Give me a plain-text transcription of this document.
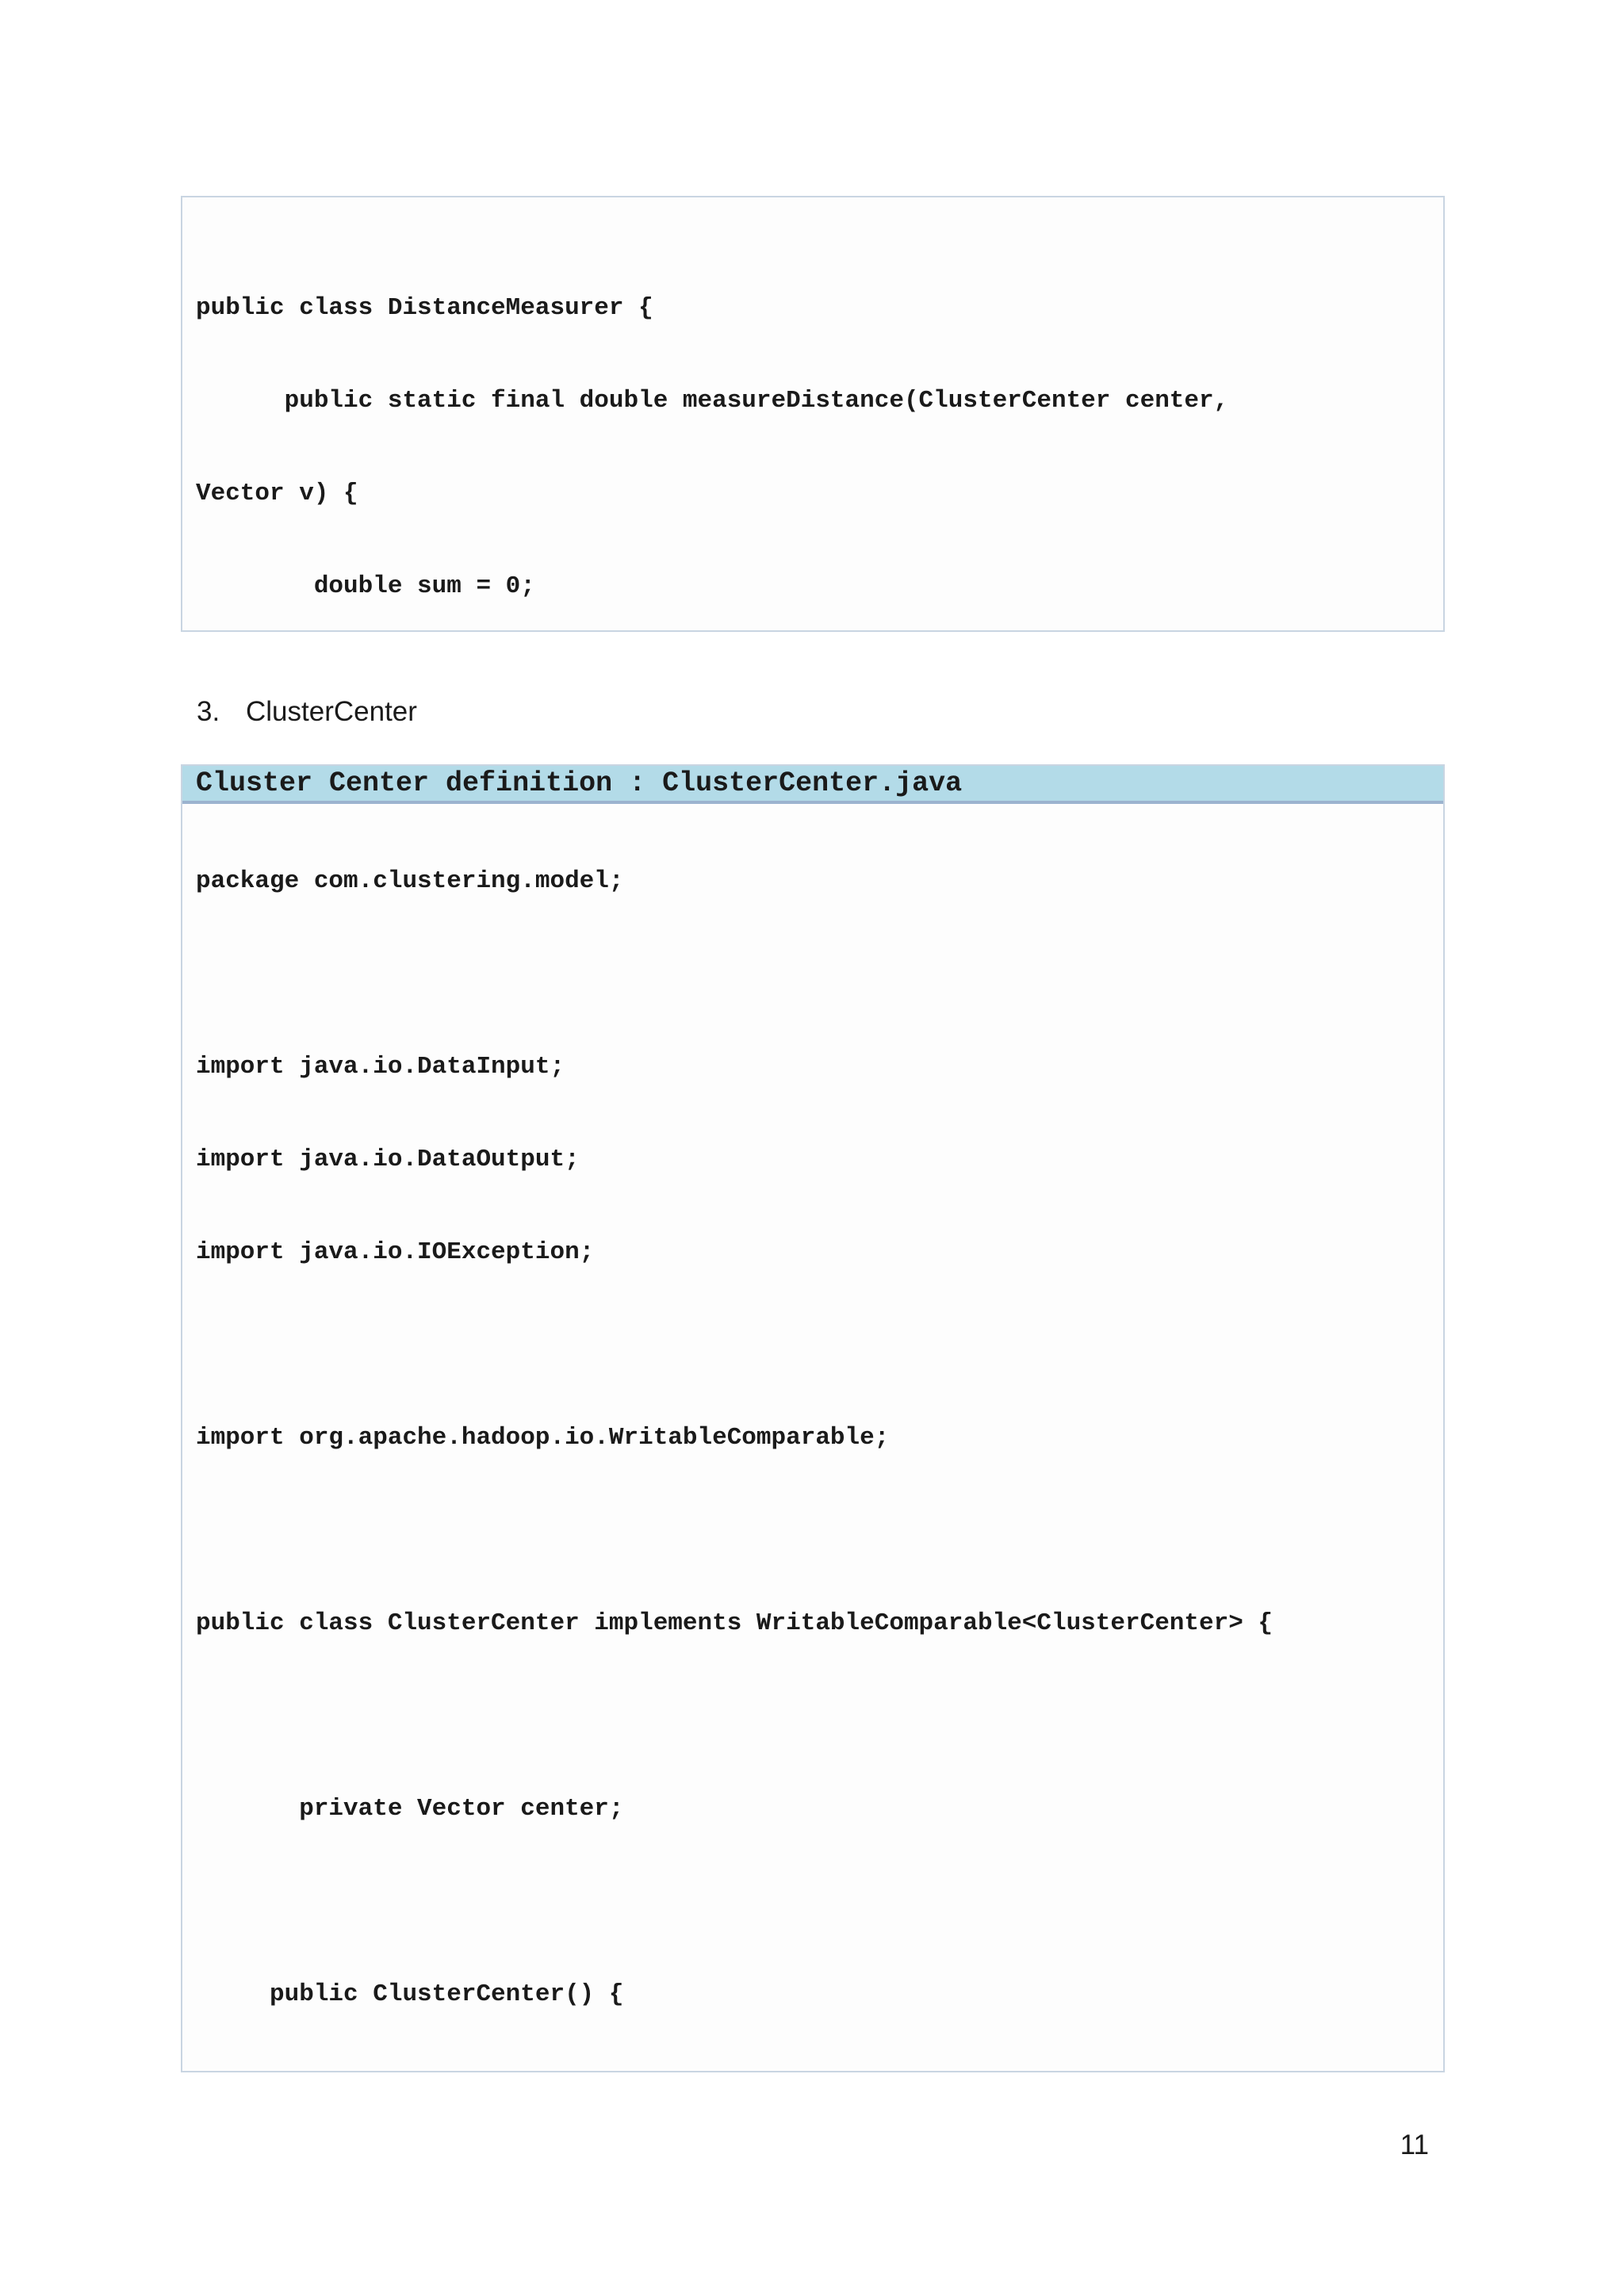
public class DistanceMeasurer {

public static final double measureDistance(ClusterCenter center,

Vector v) {

double sum = 0;

3. ClusterCenter
Cluster Center definition : ClusterCenter.java

package com.clustering.model;

import java.io.DataInput;

import java.io.DataOutput;

import java.io.IOException;

import org.apache.hadoop.io.WritableComparable;

public class ClusterCenter implements WritableComparable<ClusterCenter> {

private Vector center;

public ClusterCenter() {

11
